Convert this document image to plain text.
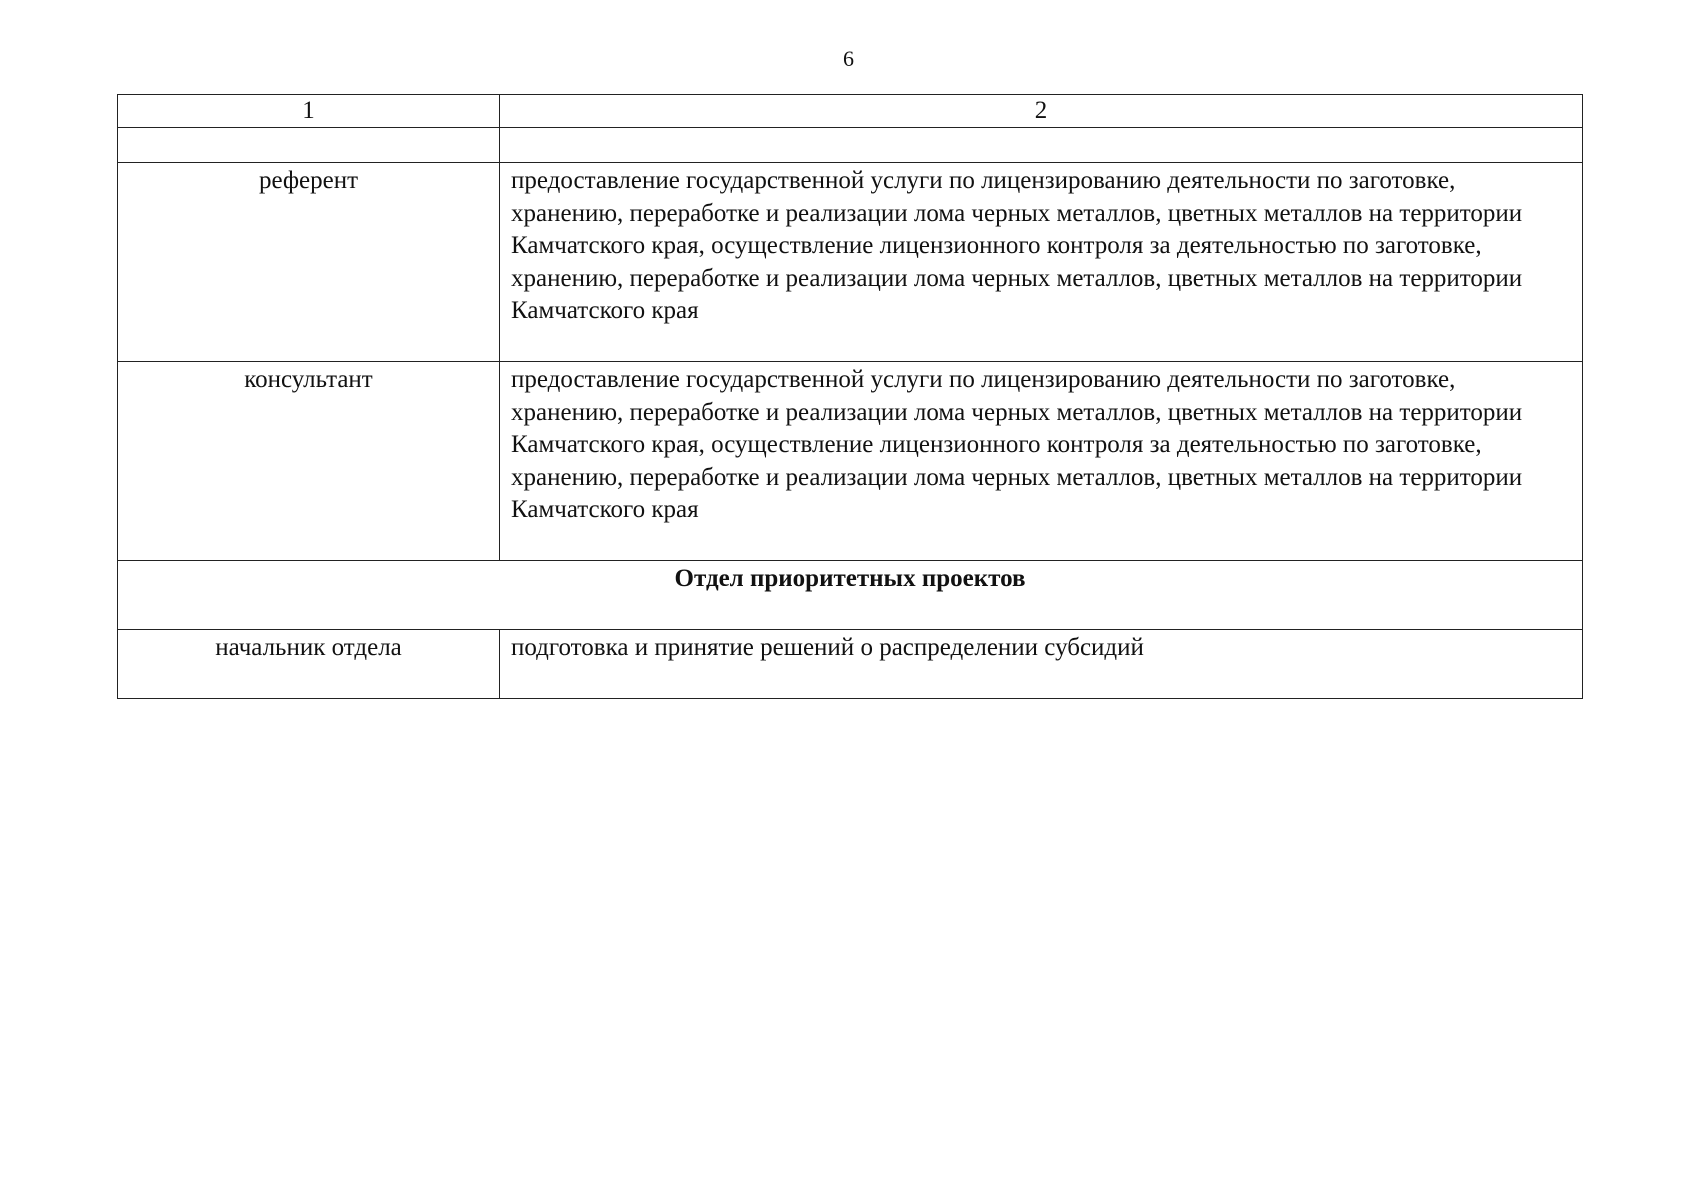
6
1	2

референт	предоставление государственной услуги по лицензированию деятельности по заготовке, хранению, переработке и реализации лома черных металлов, цветных металлов на территории Камчатского края, осуществление лицензионного контроля за деятельностью по заготовке, хранению, переработке и реализации лома черных металлов, цветных металлов на территории Камчатского края
консультант	предоставление государственной услуги по лицензированию деятельности по заготовке, хранению, переработке и реализации лома черных металлов, цветных металлов на территории Камчатского края, осуществление лицензионного контроля за деятельностью по заготовке, хранению, переработке и реализации лома черных металлов, цветных металлов на территории Камчатского края
Отдел приоритетных проектов	
начальник отдела	подготовка и принятие решений о распределении субсидий
